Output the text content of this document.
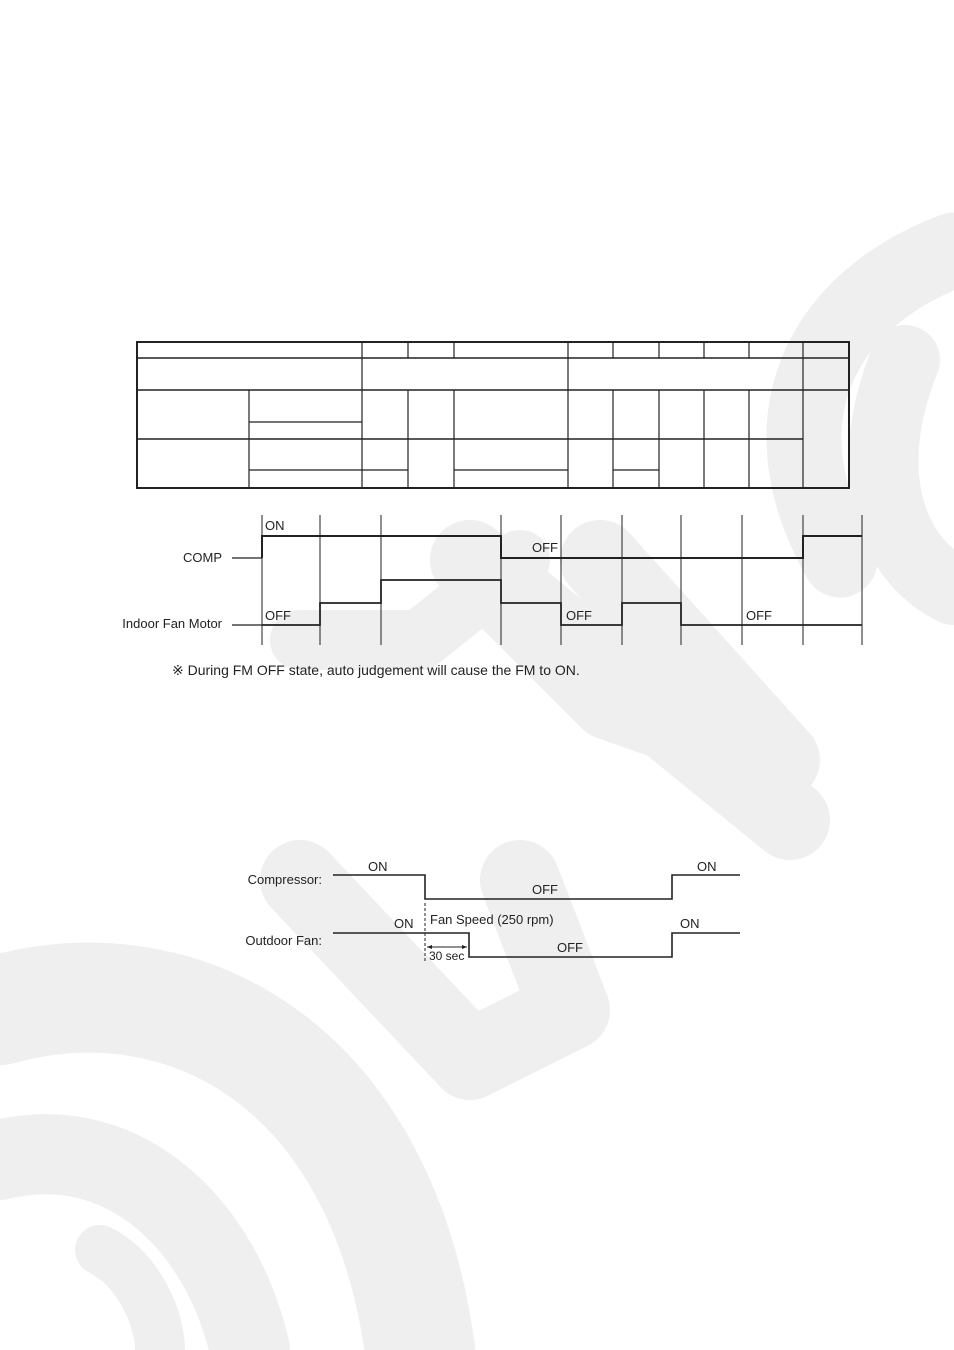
COMP
ON
OFF
Indoor Fan Motor
OFF	OFF	OFF
※ During FM OFF state, auto judgement will cause the FM to ON.
Compressor:
ON
OFF
ON
Outdoor Fan:
ON Fan Speed (250 rpm)
30 sec
OFF
ON
